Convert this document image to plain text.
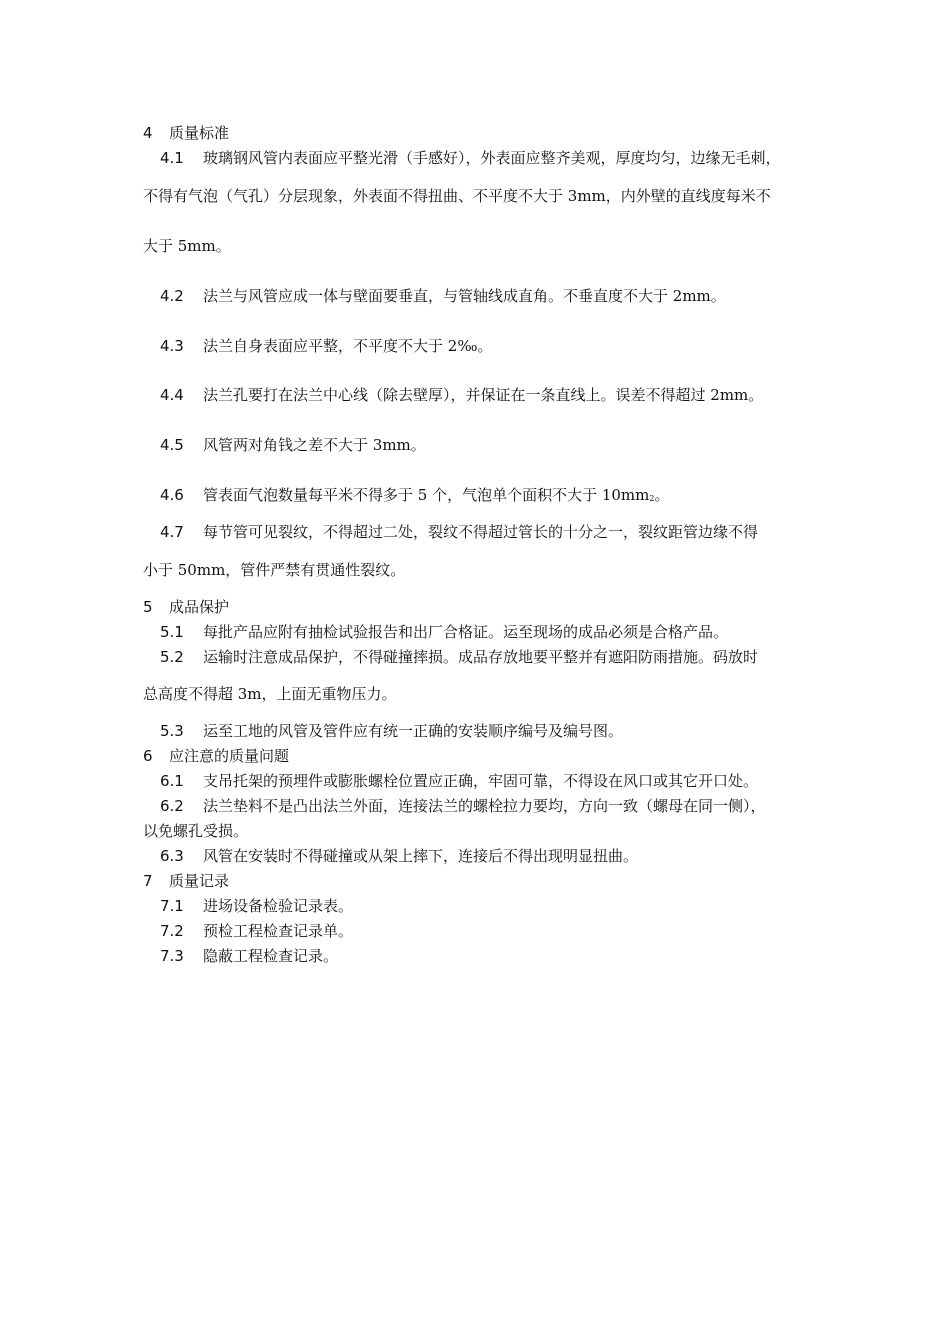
4 质量标准
4.1 玻璃钢风管内表面应平整光滑（手感好），外表面应整齐美观，厚度均匀，边缘无毛刺，
不得有气泡（气孔）分层现象，外表面不得扭曲、不平度不大于 3mm，内外壁的直线度每米不
大于 5mm。
4.2 法兰与风管应成一体与壁面要垂直，与管轴线成直角。不垂直度不大于 2mm。
4.3 法兰自身表面应平整，不平度不大于 2‰。
4.4 法兰孔要打在法兰中心线（除去壁厚），并保证在一条直线上。误差不得超过 2mm。
4.5 风管两对角钱之差不大于 3mm。
4.6 管表面气泡数量每平米不得多于 5 个，气泡单个面积不大于 $10mm_2$。
4.7 每节管可见裂纹，不得超过二处，裂纹不得超过管长的十分之一，裂纹距管边缘不得
小于 50mm，管件严禁有贯通性裂纹。
5 成品保护
5.1 每批产品应附有抽检试验报告和出厂合格证。运至现场的成品必须是合格产品。
5.2 运输时注意成品保护，不得碰撞摔损。成品存放地要平整并有遮阳防雨措施。码放时
总高度不得超 3m，上面无重物压力。
5.3 运至工地的风管及管件应有统一正确的安装顺序编号及编号图。
6 应注意的质量问题
6.1 支吊托架的预埋件或膨胀螺栓位置应正确，牢固可靠，不得设在风口或其它开口处。
6.2 法兰垫料不是凸出法兰外面，连接法兰的螺栓拉力要均，方向一致（螺母在同一侧），
以免螺孔受损。
6.3 风管在安装时不得碰撞或从架上摔下，连接后不得出现明显扭曲。
7 质量记录
7.1 进场设备检验记录表。
7.2 预检工程检查记录单。
7.3 隐蔽工程检查记录。
